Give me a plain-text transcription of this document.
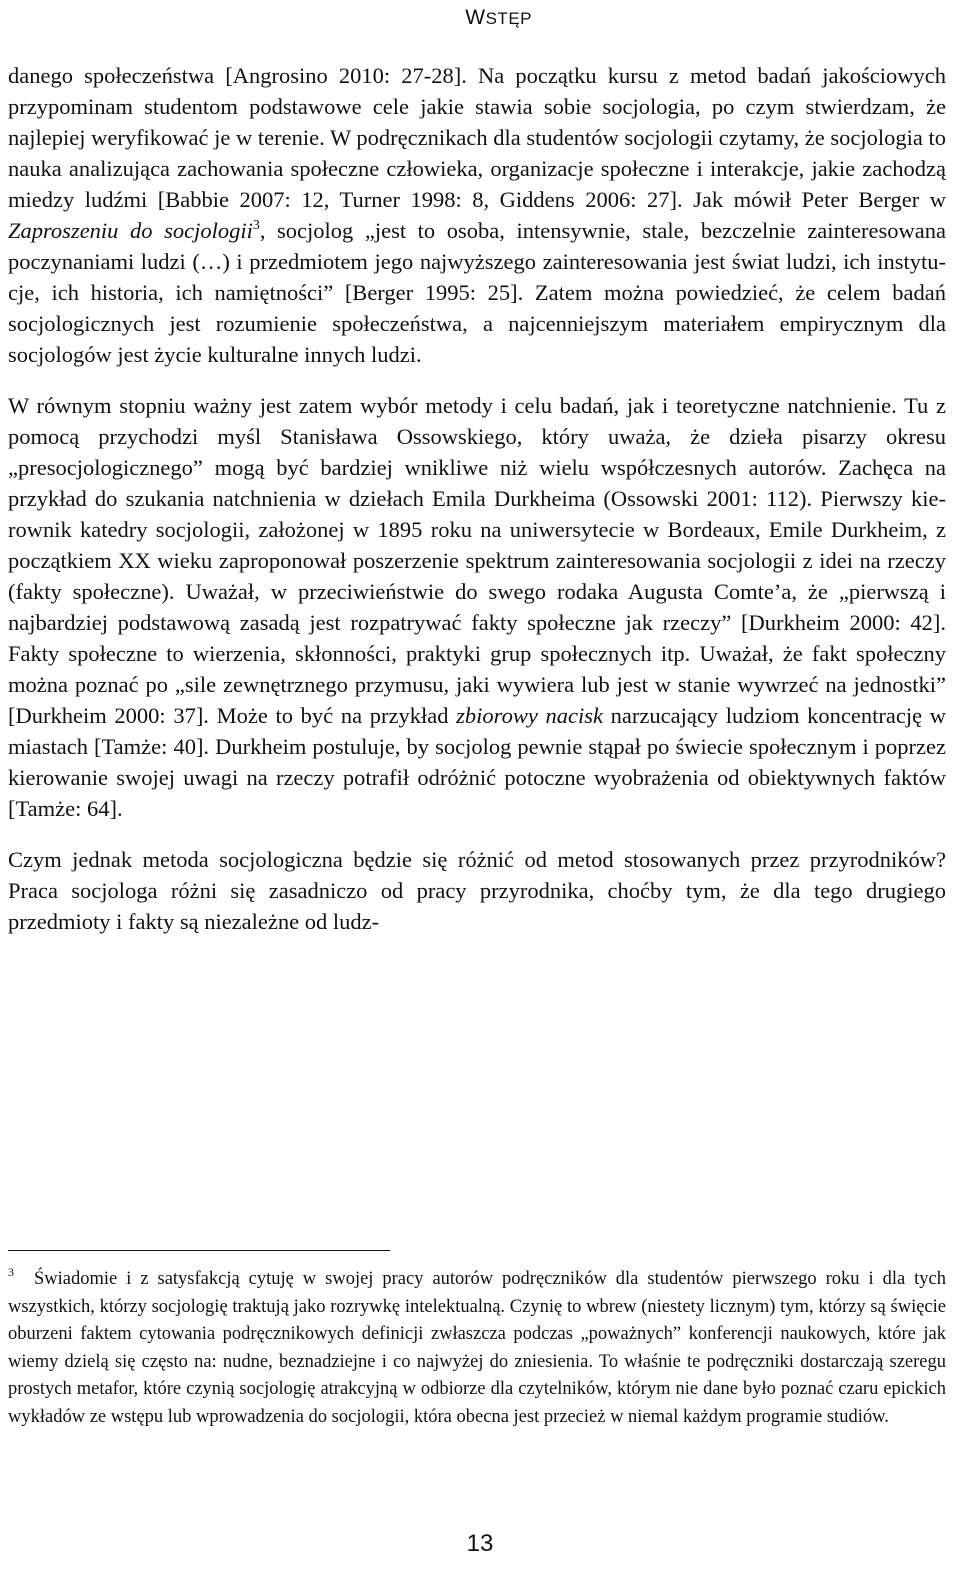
WSTĘP

danego społeczeństwa [Angrosino 2010: 27-28]. Na początku kursu z metod badań jakościowych przypominam studentom podstawowe cele jakie stawia sobie socjologia, po czym stwierdzam, że najlepiej weryfikować je w terenie. W podręcznikach dla studentów socjologii czytamy, że socjologia to nauka analizująca zachowania społeczne człowieka, organizacje społeczne i interakcje, jakie zachodzą miedzy ludźmi [Babbie 2007: 12, Turner 1998: 8, Giddens 2006: 27]. Jak mówił Peter Berger w Zaproszeniu do socjologii$^3$, socjolog „jest to osoba, intensywnie, stale, bezczelnie zainteresowana poczynaniami ludzi (…) i przedmiotem jego najwyższego zainteresowania jest świat ludzi, ich instytucje, ich historia, ich namiętności” [Berger 1995: 25]. Zatem można powiedzieć, że celem badań socjologicznych jest rozumienie społeczeństwa, a najcenniejszym materiałem empirycznym dla socjologów jest życie kulturalne innych ludzi.

W równym stopniu ważny jest zatem wybór metody i celu badań, jak i teoretyczne natchnienie. Tu z pomocą przychodzi myśl Stanisława Ossowskiego, który uważa, że dzieła pisarzy okresu „presocjologicznego” mogą być bardziej wnikliwe niż wielu współczesnych autorów. Zachęca na przykład do szukania natchnienia w dziełach Emila Durkheima (Ossowski 2001: 112). Pierwszy kierownik katedry socjologii, założonej w 1895 roku na uniwersytecie w Bordeaux, Emile Durkheim, z początkiem XX wieku zaproponował poszerzenie spektrum zainteresowania socjologii z idei na rzeczy (fakty społeczne). Uważał, w przeciwieństwie do swego rodaka Augusta Comte’a, że „pierwszą i najbardziej podstawową zasadą jest rozpatrywać fakty społeczne jak rzeczy” [Durkheim 2000: 42]. Fakty społeczne to wierzenia, skłonności, praktyki grup społecznych itp. Uważał, że fakt społeczny można poznać po „sile zewnętrznego przymusu, jaki wywiera lub jest w stanie wywrzeć na jednostki” [Durkheim 2000: 37]. Może to być na przykład zbiorowy nacisk narzucający ludziom koncentrację w miastach [Tamże: 40]. Durkheim postuluje, by socjolog pewnie stąpał po świecie społecznym i poprzez kierowanie swojej uwagi na rzeczy potrafił odróżnić potoczne wyobrażenia od obiektywnych faktów [Tamże: 64].

Czym jednak metoda socjologiczna będzie się różnić od metod stosowanych przez przyrodników? Praca socjologa różni się zasadniczo od pracy przyrodnika, choćby tym, że dla tego drugiego przedmioty i fakty są niezależne od ludz-

$^3$ Świadomie i z satysfakcją cytuję w swojej pracy autorów podręczników dla studentów pierwszego roku i dla tych wszystkich, którzy socjologię traktują jako rozrywkę intelektualną. Czynię to wbrew (niestety licznym) tym, którzy są święcie oburzeni faktem cytowania podręcznikowych definicji zwłaszcza podczas „poważnych” konferencji naukowych, które jak wiemy dzielą się często na: nudne, beznadziejne i co najwyżej do zniesienia. To właśnie te podręczniki dostarczają szeregu prostych metafor, które czynią socjologię atrakcyjną w odbiorze dla czytelników, którym nie dane było poznać czaru epickich wykładów ze wstępu lub wprowadzenia do socjologii, która obecna jest przecież w niemal każdym programie studiów.
13
